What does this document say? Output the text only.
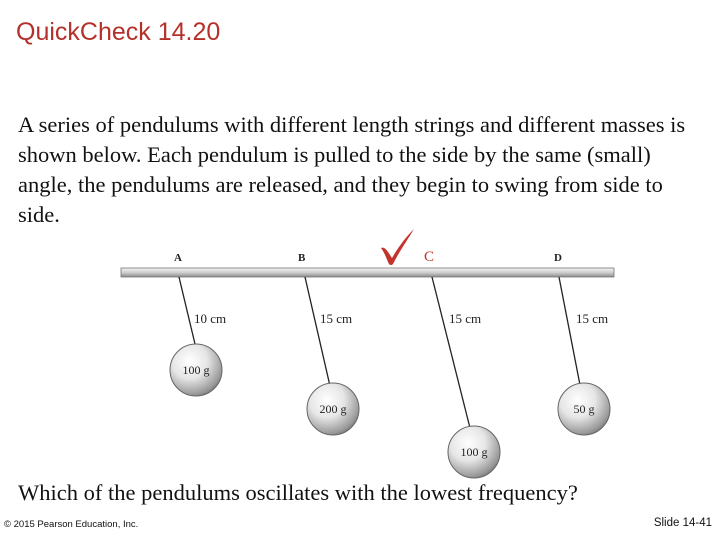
QuickCheck 14.20
A series of pendulums with different length strings and different masses is shown below. Each pendulum is pulled to the side by the same (small) angle, the pendulums are released, and they begin to swing from side to side.
A	B	C	D
10 cm	15 cm	15 cm	15 cm
100 g
200 g
100 g
50 g
Which of the pendulums oscillates with the lowest frequency?
© 2015 Pearson Education, Inc.	Slide 14-41
